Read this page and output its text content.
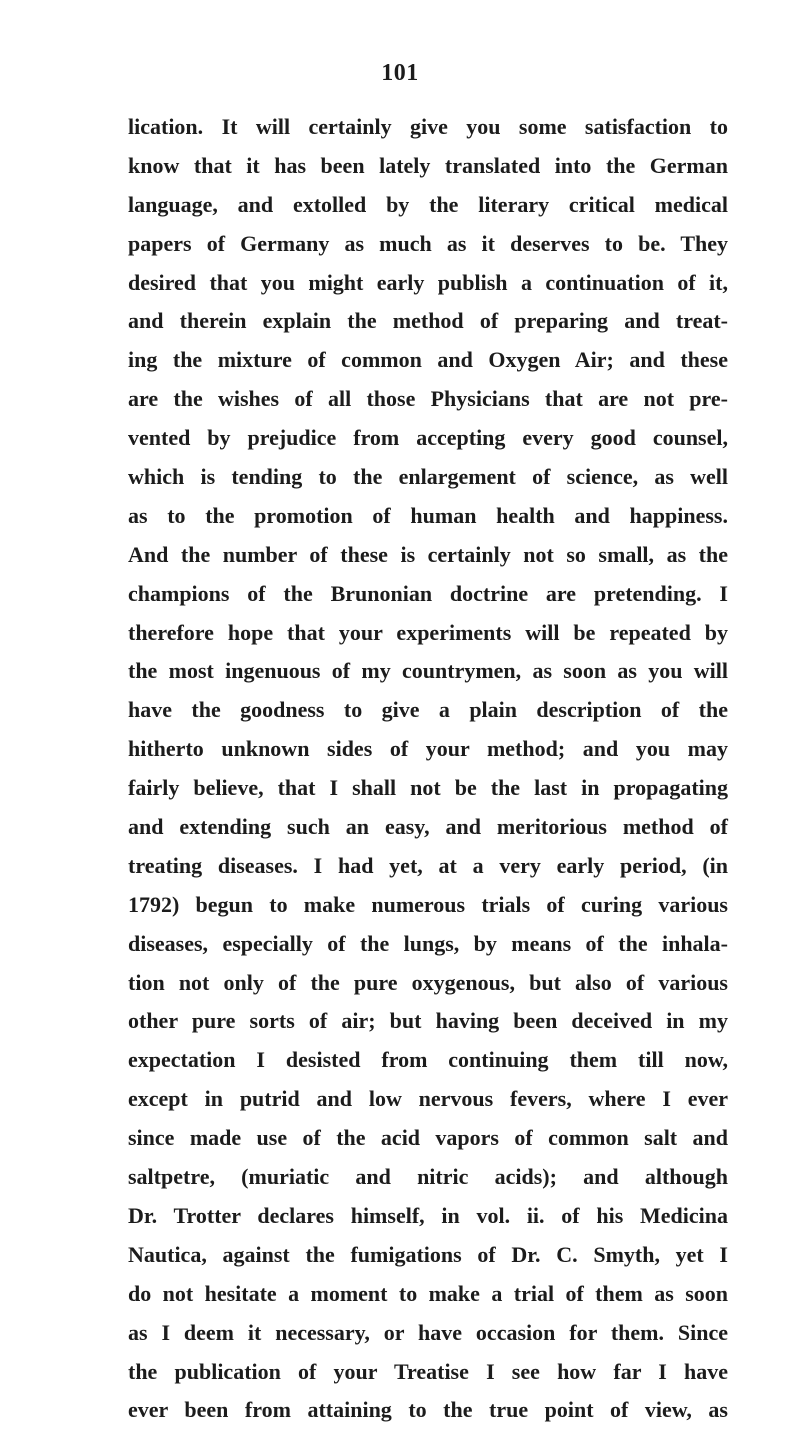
101
lication. It will certainly give you some satisfaction to
know that it has been lately translated into the German
language, and extolled by the literary critical medical
papers of Germany as much as it deserves to be. They
desired that you might early publish a continuation of it,
and therein explain the method of preparing and treat-
ing the mixture of common and Oxygen Air; and these
are the wishes of all those Physicians that are not pre-
vented by prejudice from accepting every good counsel,
which is tending to the enlargement of science, as well
as to the promotion of human health and happiness.
And the number of these is certainly not so small, as the
champions of the Brunonian doctrine are pretending. I
therefore hope that your experiments will be repeated by
the most ingenuous of my countrymen, as soon as you will
have the goodness to give a plain description of the
hitherto unknown sides of your method; and you may
fairly believe, that I shall not be the last in propagating
and extending such an easy, and meritorious method of
treating diseases. I had yet, at a very early period, (in
1792) begun to make numerous trials of curing various
diseases, especially of the lungs, by means of the inhala-
tion not only of the pure oxygenous, but also of various
other pure sorts of air; but having been deceived in my
expectation I desisted from continuing them till now,
except in putrid and low nervous fevers, where I ever
since made use of the acid vapors of common salt and
saltpetre, (muriatic and nitric acids); and although
Dr. Trotter declares himself, in vol. ii. of his Medicina
Nautica, against the fumigations of Dr. C. Smyth, yet I
do not hesitate a moment to make a trial of them as soon
as I deem it necessary, or have occasion for them. Since
the publication of your Treatise I see how far I have
ever been from attaining to the true point of view, as
